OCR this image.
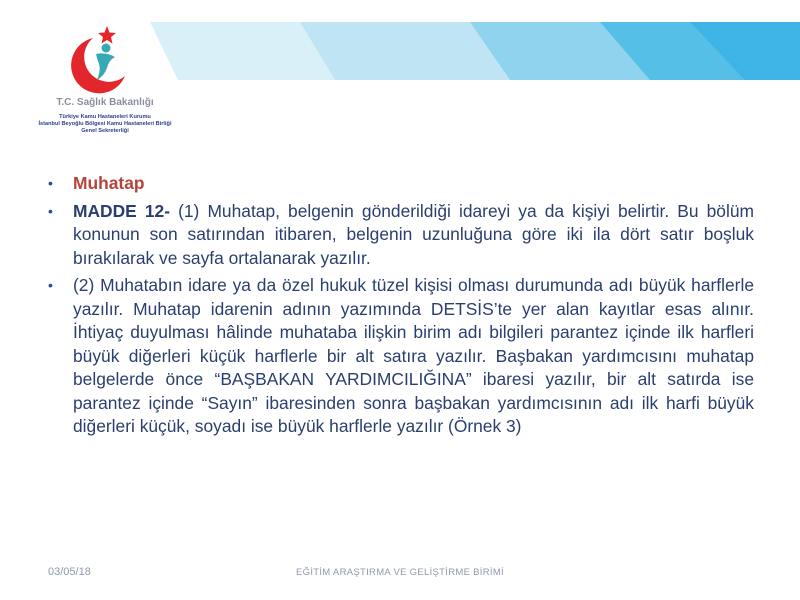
T.C. Sağlık Bakanlığı
Türkiye Kamu Hastaneleri Kurumu
İstanbul Beyoğlu Bölgesi Kamu Hastaneleri Birliği
Genel Sekreterliği
• Muhatap
• MADDE 12- (1) Muhatap, belgenin gönderildiği idareyi ya da kişiyi belirtir. Bu bölüm konunun son satırından itibaren, belgenin uzunluğuna göre iki ila dört satır boşluk bırakılarak ve sayfa ortalanarak yazılır.
• (2) Muhatabın idare ya da özel hukuk tüzel kişisi olması durumunda adı büyük harflerle yazılır. Muhatap idarenin adının yazımında DETSİS’te yer alan kayıtlar esas alınır. İhtiyaç duyulması hâlinde muhataba ilişkin birim adı bilgileri parantez içinde ilk harfleri büyük diğerleri küçük harflerle bir alt satıra yazılır. Başbakan yardımcısını muhatap belgelerde önce “BAŞBAKAN YARDIMCILIĞINA” ibaresi yazılır, bir alt satırda ise parantez içinde “Sayın” ibaresinden sonra başbakan yardımcısının adı ilk harfi büyük diğerleri küçük, soyadı ise büyük harflerle yazılır (Örnek 3)
03/05/18	EĞİTİM ARAŞTIRMA VE GELİŞTİRME BİRİMİ
